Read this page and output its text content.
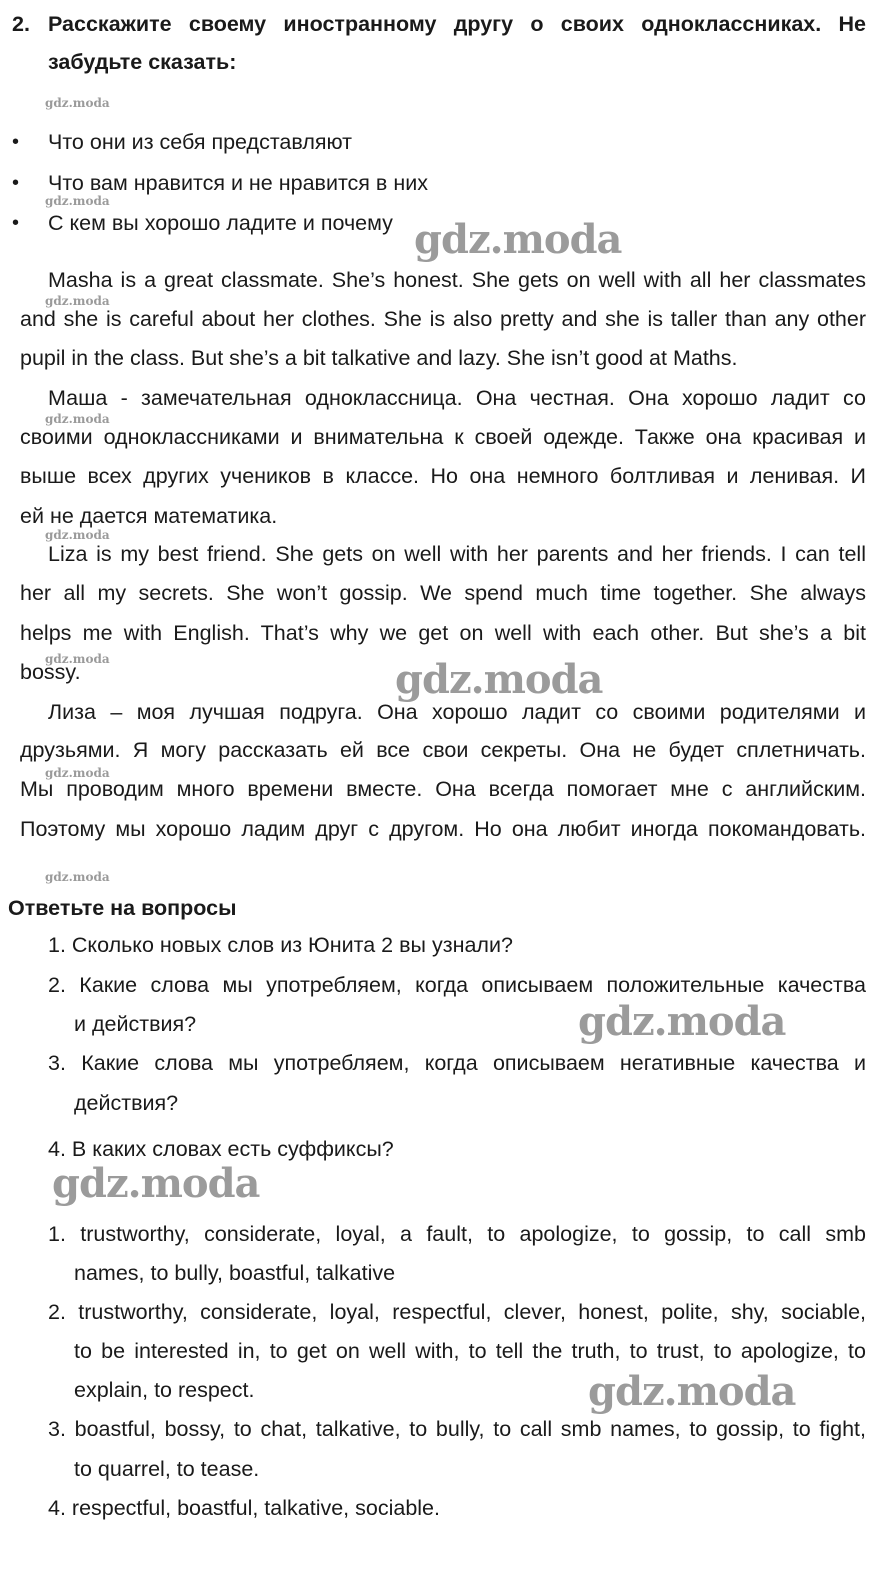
2. Расскажите своему иностранному другу о своих одноклассниках. Не
забудьте сказать:
• Что они из себя представляют
• Что вам нравится и не нравится в них
• С кем вы хорошо ладите и почему
Masha is a great classmate. She’s honest. She gets on well with all her classmates
and she is careful about her clothes. She is also pretty and she is taller than any other
pupil in the class. But she’s a bit talkative and lazy. She isn’t good at Maths.
Маша - замечательная одноклассница. Она честная. Она хорошо ладит со
своими одноклассниками и внимательна к своей одежде. Также она красивая и
выше всех других учеников в классе. Но она немного болтливая и ленивая. И
ей не дается математика.
Liza is my best friend. She gets on well with her parents and her friends. I can tell
her all my secrets. She won’t gossip. We spend much time together. She always
helps me with English. That’s why we get on well with each other. But she’s a bit
bossy.
Лиза – моя лучшая подруга. Она хорошо ладит со своими родителями и
друзьями. Я могу рассказать ей все свои секреты. Она не будет сплетничать.
Мы проводим много времени вместе. Она всегда помогает мне с английским.
Поэтому мы хорошо ладим друг с другом. Но она любит иногда покомандовать.
Ответьте на вопросы
1. Сколько новых слов из Юнита 2 вы узнали?
2. Какие слова мы употребляем, когда описываем положительные качества
и действия?
3. Какие слова мы употребляем, когда описываем негативные качества и
действия?
4. В каких словах есть суффиксы?
1. trustworthy, considerate, loyal, a fault, to apologize, to gossip, to call smb
names, to bully, boastful, talkative
2. trustworthy, considerate, loyal, respectful, clever, honest, polite, shy, sociable,
to be interested in, to get on well with, to tell the truth, to trust, to apologize, to
explain, to respect.
3. boastful, bossy, to chat, talkative, to bully, to call smb names, to gossip, to fight,
to quarrel, to tease.
4. respectful, boastful, talkative, sociable.
gdz.moda
gdz.moda
gdz.moda
gdz.moda
gdz.moda
gdz.moda
gdz.moda
gdz.moda
gdz.moda
gdz.moda
gdz.moda
gdz.moda
gdz.moda
